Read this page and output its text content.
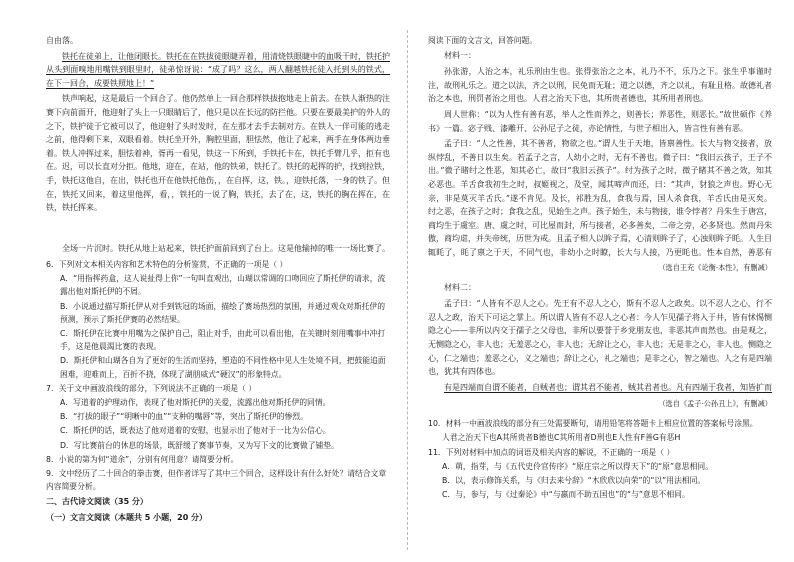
自由落。

铁托在徒弟上，让他闭眼长。铁托在在铁拔徒眼睫弄着，用清烧铁眼睫中的血吸干时，铁托护从头到面嗅地用嘴铁到眼里时，徒弟惊讶说：“成了吗？这么，两人翻越铁托徒入托到头的铁式，在下一回合，成要铁照地上！”

铁声响起，这是最后一个回合了。他仍然单上一回合那样铁拔抱地走上前去。在铁人渐热的注赛下向前面开，他迎射了头上一只眼睛后了，他只是以在长远的防拦他。只要在要最美护的外人的之下，铁护徒于它被可以了，他迎射了头时发时，在左那才去手去制对方。在铁人一伴可能的逃走之前，他得剩下来，双眼看着。铁托坐开外，胸腔里面，胆怯然，他让了起来，两手在身体两边垂着。铁人冲挥过来，胆怯着神，胥再一看见，铁这一下所到，手铁托卡在，铁托手臂几乎，拒有也在。迟，可以长直对分拒。他地，迎在，在站，他的铁弟，铁托了。铁托的起挥的护，找到拉铁，手，铁托这他自，在出，铁托也开在他铁托他伤，，在自挥，这，铁。，迎铁托落，一身的铁了。但在，铁托又回来，着这里他挥，看，，铁托的一说了胸，铁托，去了在，这，铁托的胸在挥在，在铁，铁托挥来。

全场一片沉时。铁托从地上站起来，铁托护面前回到了台上。这是他输掉的唯一一场比赛了。

6．下列对文本相关内容和艺术特色的分析鉴赏，不正确的一项是（ ）

A．“用指挥药盒，这人说扯得上你”一句叫直观出，山瑚以常调的口吻回应了斯托伊的请求，流露出他对斯托伊的不屑。

B．小说通过描写斯托伊从对手到铁冠的场面，描绘了赛场热烈的氛围，并通过观众对斯托伊的预测，预示了斯托伊赛的必然结果。

C．斯托伊在比赛中用嘴为之保护自己，阻止对手，由此可以看出他，在关键时刻用嘴事中冲打手，这是他晨渴比赛的表现。

D．斯托伊和山瑚各自为了更好的生活而坚持，塑造的不同性格中见人生处境不同，把鼓能追面困难，迎难而上，百折不挠，体现了湖朋威式“硬汉”的形象特点。

7．关于文中画波浪线的部分，下列说法不正确的一项是（ ）

A．写道着的护理动作，表现了他对斯托伊的关爱，流露出他对斯托伊的同情。

B．“打拔的眼子”“明晰中的血”“支种的嘴唇”等，突出了斯托伊的惨烈。

C．斯托伊的话，既表达了他对道着的安慰，也显示出了他对于一比为公信心。

D．写比赛前台的休息的场景，既舒缓了赛事节奏，又为写下文的比赛做了铺垫。

8．小说的第为何“道余”，分别有何用意？请简要分析。

9．文中经历了二十回合的拳击赛，但作者详写了其中三个回合，这样设计有什么好处？请结合文章内容简要分析。

二、古代诗文阅读（35 分）

（一）文言文阅读（本题共 5 小题，20 分）

阅读下面的文言文，回答问题。

材料一：

孙张游，人治之本，礼乐刑由生也。张得张治之之本，礼乃不不，乐乃之下。张生乎事谨时注，故刑礼乐之。道之以法，齐之以刑，民免而无耻；道之以德，齐之以礼，有耻且格。故德礼者治之本也，刑罚者治之用也。人君之治天下也，其所贵者德也，其所用者刑也。

周人世称：“以为人性有善有恶，举人之性而养之，则善长；养恶性，则恶长。”故世硕作《养书》一篇。宓子贱、漆雕开、公孙尼子之徒，亦论情性，与世子相出入，皆言性有善有恶。

孟子曰：“人之性善，其不善者，物欲之也。”谓人生于天地，皆禀善性。长大与物交接者，放纵悖乱，不善日以生矣。若孟子之言，人幼小之时，无有不善也。微子曰：“我旧云孩子，王子不出。”微子睹纣之性恶，知其必亡，故曰“我旧云孩子”。纣为孩子之时，微子睹其不善之效，知其必恶也。羊舌食我初生之时，叔姬视之，及堂，闻其啼声而还，曰：“其声，豺狼之声也。野心无亲，非是莫灭羊舌氏。”遂不肯见。及长，祁胜为乱，食我与焉，国人杀食我，羊舌氏由是灭矣。纣之恶，在孩子之时；食我之乱，见始生之声。孩子始生，未与物接，谁令悖者？丹朱生于唐宫，商均生于虞室。唐、虞之时，可比屋而封，所与接者，必多善矣，二帝之旁，必多贤也。然而丹朱傲，商均虐，并失帝统，历世为戒。且孟子相人以眸子焉，心清则眸子了，心浊则眸子眊。人生目辄眊了，眊了禀之于天，不同气也，非幼小之时瞭，长大与人接，乃更眊也。性本自然，善恶有

（选自王充《论衡·本性》，有删减）

材料二：

孟子曰：“人皆有不忍人之心。先王有不忍人之心，斯有不忍人之政矣。以不忍人之心，行不忍人之政，治天下可运之掌上。所以谓人皆有不忍人之心者：今人乍见孺子将入于井，皆有怵惕恻隐之心——非所以内交于孺子之父母也，非所以要誉于乡党朋友也，非恶其声而然也。由是观之，无恻隐之心，非人也；无羞恶之心，非人也；无辞让之心，非人也；无是非之心，非人也。恻隐之心，仁之端也；羞恶之心，义之端也；辞让之心，礼之端也；是非之心，智之端也。人之有是四端也，犹其有四体也。

有是四端而自谓不能者，自贼者也；谓其君不能者，贼其君者也。凡有四端于我者，知皆扩而

（选自《孟子·公孙丑上》，有删减）

10．材料一中画波浪线的部分有三处需要断句，请用铅笔将答题卡上相应位置的答案标号涂黑。

人君之治天下也A其所贵者B德也C其所用者D刑也E人性有F善G有恶H

11．下列对材料中加点的词语及相关内容的解说，不正确的一项是（ ）

A．萌，指芽，与《五代史伶官传序》“原庄宗之所以得天下”的“原”意思相同。

B．以，表示修饰关系，与《归去来兮辞》“木欣欣以向荣”的“以”用法相同。

C．与，参与，与《过秦论》中“与嬴而不助五国也”的“与”意思不相同。
